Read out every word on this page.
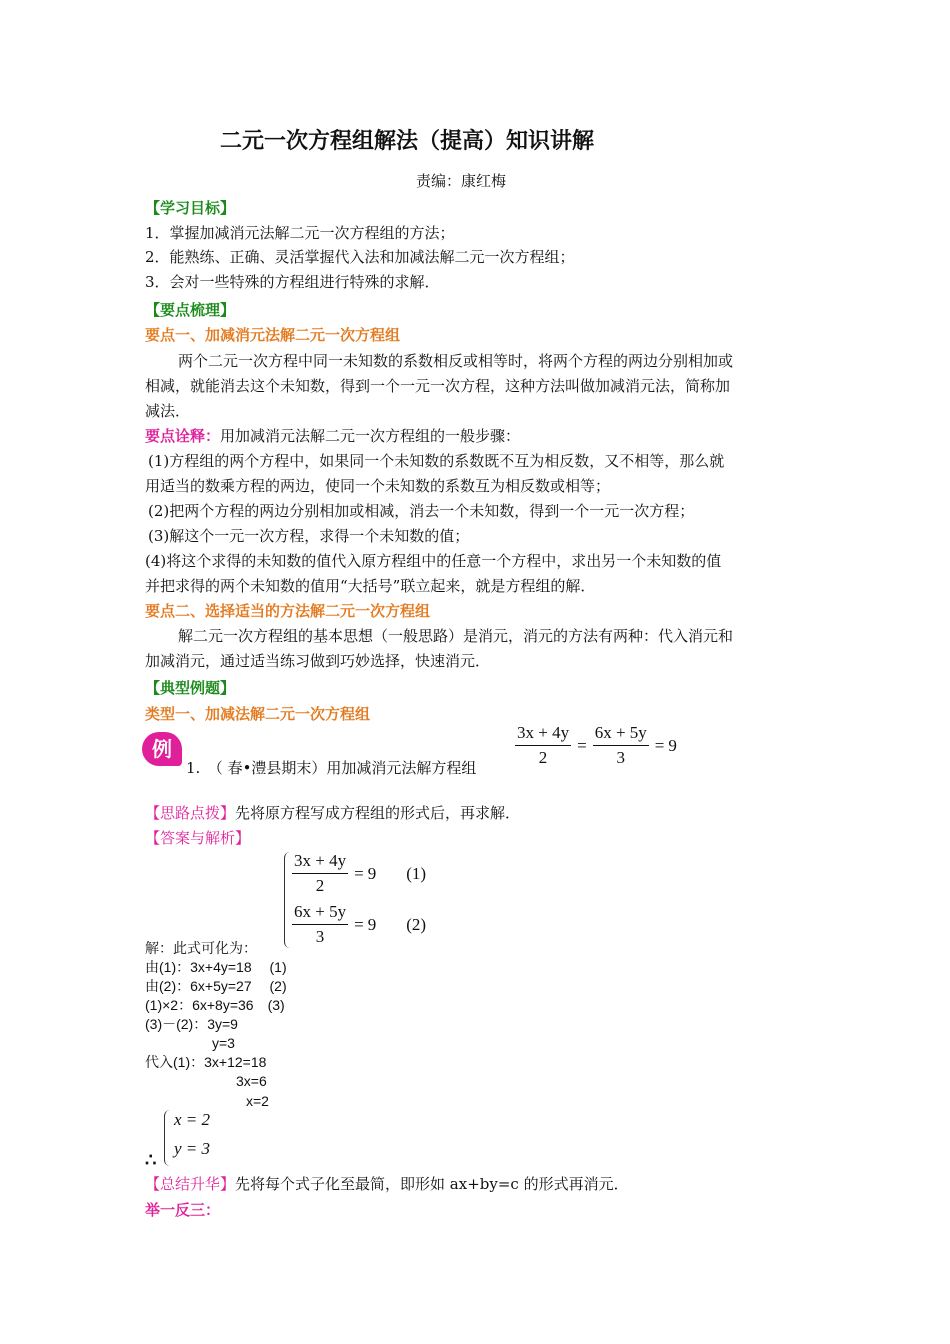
二元一次方程组解法（提高）知识讲解
责编：康红梅
【学习目标】
1．掌握加减消元法解二元一次方程组的方法；
2．能熟练、正确、灵活掌握代入法和加减法解二元一次方程组；
3．会对一些特殊的方程组进行特殊的求解．
【要点梳理】
要点一、加减消元法解二元一次方程组
两个二元一次方程中同一未知数的系数相反或相等时，将两个方程的两边分别相加或
相减，就能消去这个未知数，得到一个一元一次方程，这种方法叫做加减消元法，简称加
减法．
要点诠释：用加减消元法解二元一次方程组的一般步骤：
(1)方程组的两个方程中，如果同一个未知数的系数既不互为相反数，又不相等，那么就
用适当的数乘方程的两边，使同一个未知数的系数互为相反数或相等；
(2)把两个方程的两边分别相加或相减，消去一个未知数，得到一个一元一次方程；
(3)解这个一元一次方程，求得一个未知数的值；
(4)将这个求得的未知数的值代入原方程组中的任意一个方程中，求出另一个未知数的值
并把求得的两个未知数的值用“大括号”联立起来，就是方程组的解．
要点二、选择适当的方法解二元一次方程组
解二元一次方程组的基本思想（一般思路）是消元，消元的方法有两种：代入消元和
加减消元，通过适当练习做到巧妙选择，快速消元．
【典型例题】
类型一、加减法解二元一次方程组
例
1.　（ 春•澧县期末）用加减消元法解方程组 $\frac{3x + 4y}{2} = \frac{6x + 5y}{3} = 9$
【思路点拨】先将原方程写成方程组的形式后，再求解．
【答案与解析】
$\frac{3x + 4y}{2} = 9$ (1)
$\frac{6x + 5y}{3} = 9$ (2)
解：此式可化为：
由(1)：3x+4y=18　 (1)
由(2)：6x+5y=27　 (2)
(1)×2：6x+8y=36　(3)
(3)－(2)：3y=9
y=3
代入(1)：3x+12=18
3x=6
x=2
x = 2
y = 3
∴
【总结升华】先将每个式子化至最简，即形如 ax+by=c 的形式再消元．
举一反三：
